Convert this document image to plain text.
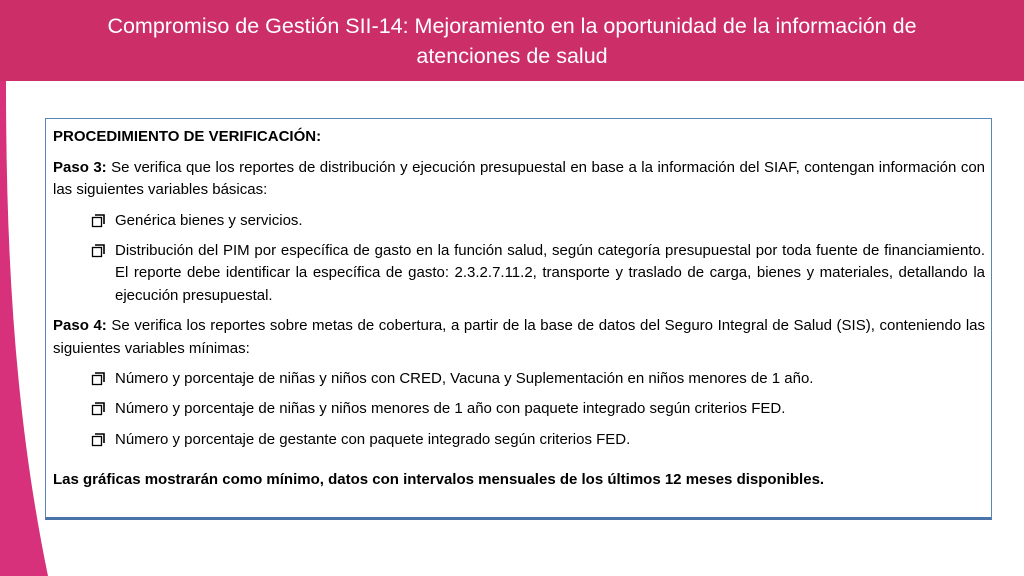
Compromiso de Gestión SII-14: Mejoramiento en la oportunidad de la información de
atenciones de salud

PROCEDIMIENTO DE VERIFICACIÓN:

Paso 3: Se verifica que los reportes de distribución y ejecución presupuestal en base a la información del SIAF, contengan información con las siguientes variables básicas:

Genérica bienes y servicios.
Distribución del PIM por específica de gasto en la función salud, según categoría presupuestal por toda fuente de financiamiento. El reporte debe identificar la específica de gasto: 2.3.2.7.11.2, transporte y traslado de carga, bienes y materiales, detallando la ejecución presupuestal.

Paso 4: Se verifica los reportes sobre metas de cobertura, a partir de la base de datos del Seguro Integral de Salud (SIS), conteniendo las siguientes variables mínimas:

Número y porcentaje de niñas y niños con CRED, Vacuna y Suplementación en niños menores de 1 año.
Número y porcentaje de niñas y niños menores de 1 año con paquete integrado según criterios FED.
Número y porcentaje de gestante con paquete integrado según criterios FED.

Las gráficas mostrarán como mínimo, datos con intervalos mensuales de los últimos 12 meses disponibles.
